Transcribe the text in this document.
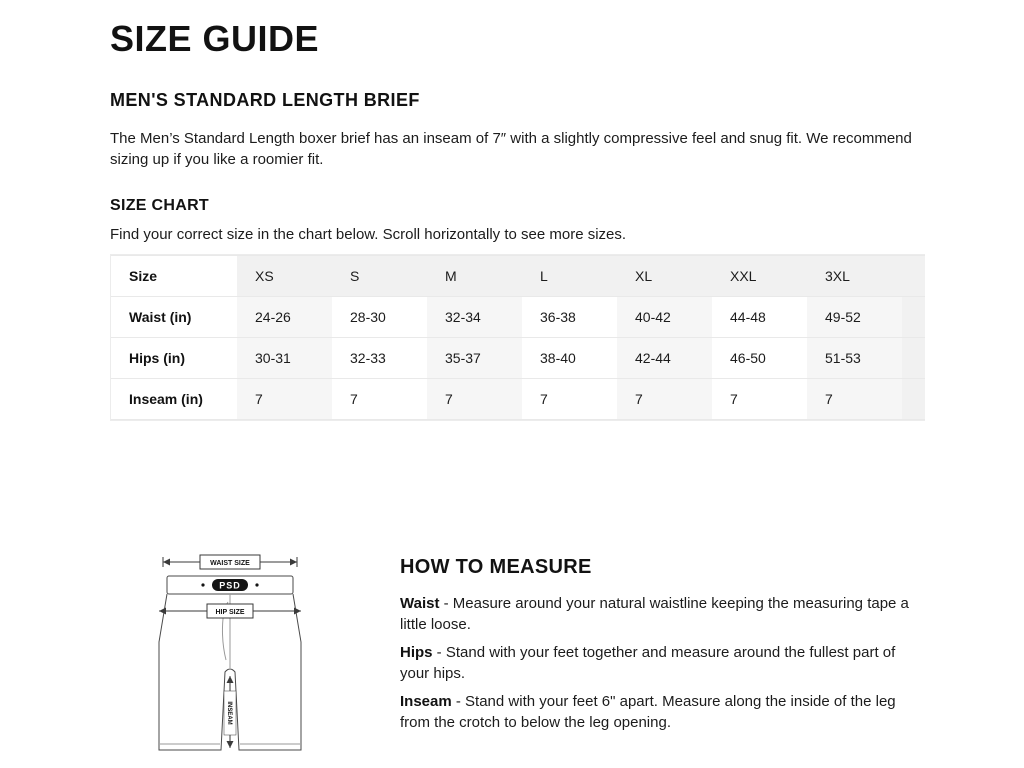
SIZE GUIDE
MEN'S STANDARD LENGTH BRIEF

The Men’s Standard Length boxer brief has an inseam of 7″ with a slightly compressive feel and snug fit. We recommend sizing up if you like a roomier fit.

SIZE CHART

Find your correct size in the chart below. Scroll horizontally to see more sizes.

Size	XS	S	M	L	XL	XXL	3XL	
Waist (in)	24-26	28-30	32-34	36-38	40-42	44-48	49-52	
Hips (in)	30-31	32-33	35-37	38-40	42-44	46-50	51-53	
Inseam (in)	7	7	7	7	7	7	7	
WAIST SIZE
PSD
HIP SIZE
INSEAM
HOW TO MEASURE

Waist - Measure around your natural waistline keeping the measuring tape a little loose.

Hips - Stand with your feet together and measure around the fullest part of your hips.

Inseam - Stand with your feet 6" apart. Measure along the inside of the leg from the crotch to below the leg opening.
